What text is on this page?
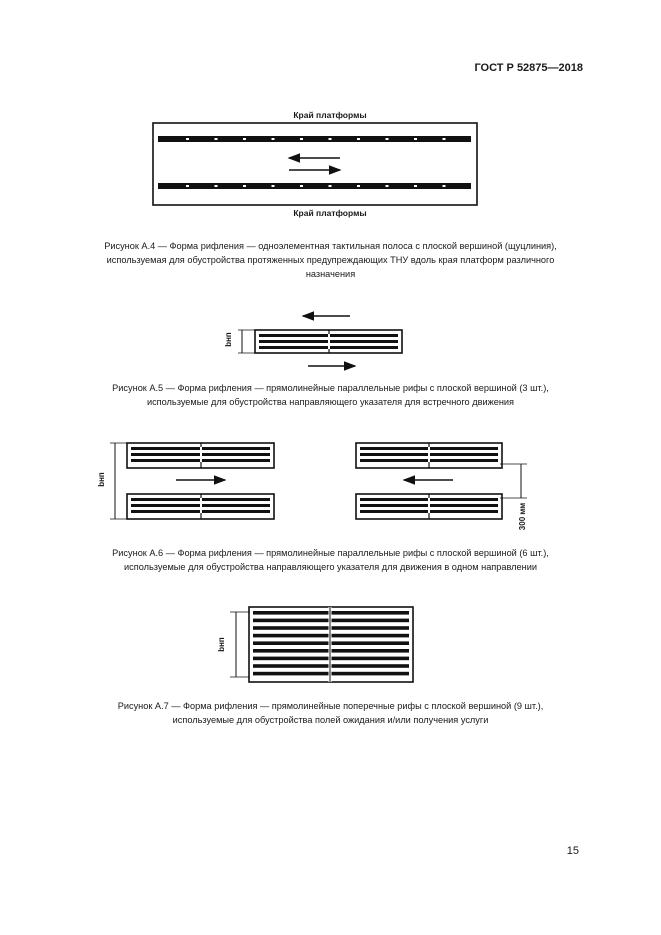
ГОСТ Р 52875—2018
Край платформы
Край платформы
bнп
bнп
300 мм
bнп
Рисунок А.4 — Форма рифления — одноэлементная тактильная полоса с плоской вершиной (щуцлиния),
используемая для обустройства протяженных предупреждающих ТНУ вдоль края платформ различного
назначения
Рисунок А.5 — Форма рифления — прямолинейные параллельные рифы с плоской вершиной (3 шт.),
используемые для обустройства направляющего указателя для встречного движения
Рисунок А.6 — Форма рифления — прямолинейные параллельные рифы с плоской вершиной (6 шт.),
используемые для обустройства направляющего указателя для движения в одном направлении
Рисунок А.7 — Форма рифления — прямолинейные поперечные рифы с плоской вершиной (9 шт.),
используемые для обустройства полей ожидания и/или получения услуги
15
